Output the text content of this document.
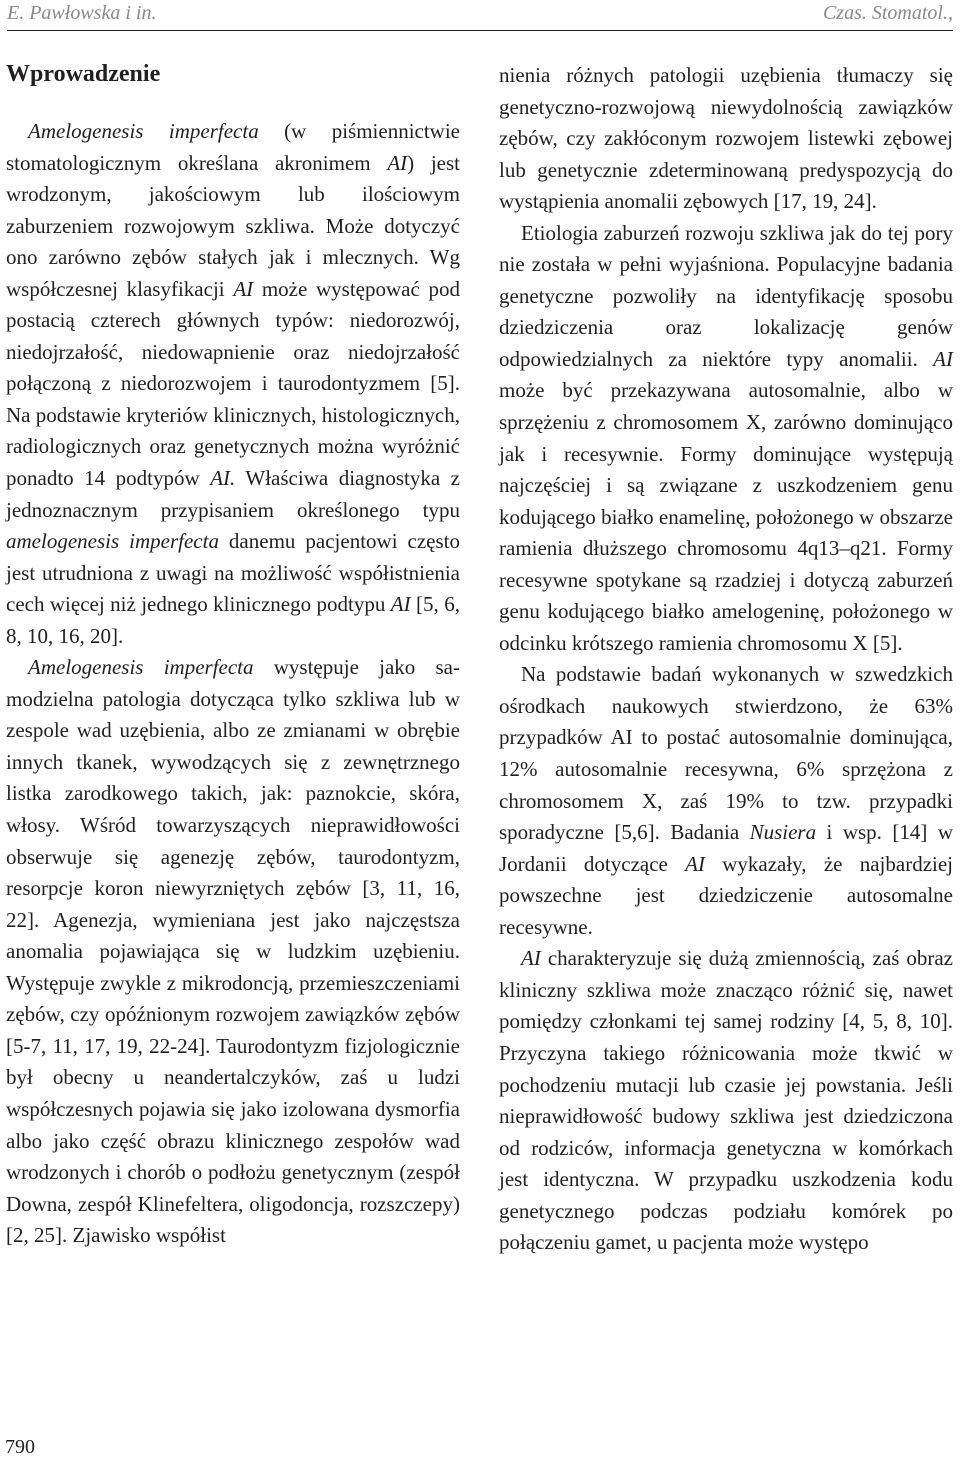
E. Pawłowska i in.	Czas. Stomatol.,
Wprowadzenie

Amelogenesis imperfecta (w piśmiennictwie stomatologicznym określana akronimem AI) jest wrodzonym, jakościowym lub ilościowym zaburzeniem rozwojowym szkliwa. Może dotyczyć ono zarówno zębów stałych jak i mlecznych. Wg współczesnej klasyfikacji AI może występować pod postacią czterech głównych typów: niedorozwój, niedojrzałość, niedowapnienie oraz niedojrzałość połączoną z niedorozwojem i taurodontyzmem [5]. Na podstawie kryteriów klinicznych, histologicznych, radiologicznych oraz genetycznych można wyróżnić ponadto 14 podtypów AI. Właściwa diagnostyka z jednoznacznym przypisaniem określonego typu amelogenesis imperfecta danemu pacjentowi często jest utrudniona z uwagi na możliwość współistnienia cech więcej niż jednego klinicznego podtypu AI [5, 6, 8, 10, 16, 20].

Amelogenesis imperfecta występuje jako samodzielna patologia dotycząca tylko szkliwa lub w zespole wad uzębienia, albo ze zmianami w obrębie innych tkanek, wywodzących się z zewnętrznego listka zarodkowego takich, jak: paznokcie, skóra, włosy. Wśród towarzyszących nieprawidłowości obserwuje się agenezję zębów, taurodontyzm, resorpcje koron niewyrzniętych zębów [3, 11, 16, 22]. Agenezja, wymieniana jest jako najczęstsza anomalia pojawiająca się w ludzkim uzębieniu. Występuje zwykle z mikrodoncją, przemieszczeniami zębów, czy opóźnionym rozwojem zawiązków zębów [5-7, 11, 17, 19, 22-24]. Taurodontyzm fizjologicznie był obecny u neandertalczyków, zaś u ludzi współczesnych pojawia się jako izolowana dysmorfia albo jako część obrazu klinicznego zespołów wad wrodzonych i chorób o podłożu genetycznym (zespół Downa, zespół Klinefeltera, oligodoncja, rozszczepy) [2, 25]. Zjawisko współist

nienia różnych patologii uzębienia tłumaczy się genetyczno-rozwojową niewydolnością zawiązków zębów, czy zakłóconym rozwojem listewki zębowej lub genetycznie zdeterminowaną predyspozycją do wystąpienia anomalii zębowych [17, 19, 24].

Etiologia zaburzeń rozwoju szkliwa jak do tej pory nie została w pełni wyjaśniona. Populacyjne badania genetyczne pozwoliły na identyfikację sposobu dziedziczenia oraz lokalizację genów odpowiedzialnych za niektóre typy anomalii. AI może być przekazywana autosomalnie, albo w sprzężeniu z chromosomem X, zarówno dominująco jak i recesywnie. Formy dominujące występują najczęściej i są związane z uszkodzeniem genu kodującego białko enamelinę, położonego w obszarze ramienia dłuższego chromosomu 4q13–q21. Formy recesywne spotykane są rzadziej i dotyczą zaburzeń genu kodującego białko amelogeninę, położonego w odcinku krótszego ramienia chromosomu X [5].

Na podstawie badań wykonanych w szwedzkich ośrodkach naukowych stwierdzono, że 63% przypadków AI to postać autosomalnie dominująca, 12% autosomalnie recesywna, 6% sprzężona z chromosomem X, zaś 19% to tzw. przypadki sporadyczne [5,6]. Badania Nusiera i wsp. [14] w Jordanii dotyczące AI wykazały, że najbardziej powszechne jest dziedziczenie autosomalne recesywne.

AI charakteryzuje się dużą zmiennością, zaś obraz kliniczny szkliwa może znacząco różnić się, nawet pomiędzy członkami tej samej rodziny [4, 5, 8, 10]. Przyczyna takiego różnicowania może tkwić w pochodzeniu mutacji lub czasie jej powstania. Jeśli nieprawidłowość budowy szkliwa jest dziedziczona od rodziców, informacja genetyczna w komórkach jest identyczna. W przypadku uszkodzenia kodu genetycznego podczas podziału komórek po połączeniu gamet, u pacjenta może występo

790
